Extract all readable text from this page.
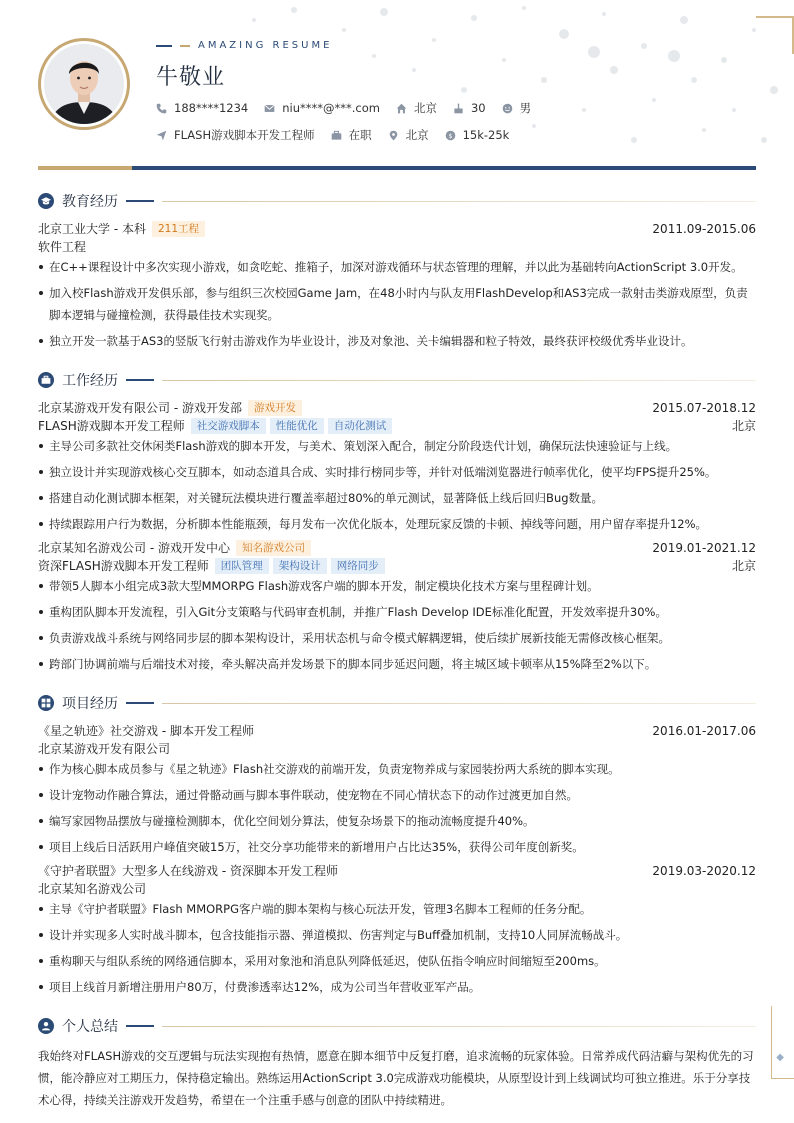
◆
AMAZING RESUME
牛敬业
188****1234	niu****@***.com	北京	30	男
FLASH游戏脚本开发工程师	在职	北京 $ 15k-25k
教育经历
北京工业大学 - 本科	211工程	2011.09-2015.06
软件工程
在C++课程设计中多次实现小游戏，如贪吃蛇、推箱子，加深对游戏循环与状态管理的理解，并以此为基础转向ActionScript 3.0开发。
加入校Flash游戏开发俱乐部，参与组织三次校园Game Jam，在48小时内与队友用FlashDevelop和AS3完成一款射击类游戏原型，负责脚本逻辑与碰撞检测，获得最佳技术实现奖。
独立开发一款基于AS3的竖版飞行射击游戏作为毕业设计，涉及对象池、关卡编辑器和粒子特效，最终获评校级优秀毕业设计。
工作经历
北京某游戏开发有限公司 - 游戏开发部	游戏开发	2015.07-2018.12
FLASH游戏脚本开发工程师	社交游戏脚本	性能优化	自动化测试	北京
主导公司多款社交休闲类Flash游戏的脚本开发，与美术、策划深入配合，制定分阶段迭代计划，确保玩法快速验证与上线。
独立设计并实现游戏核心交互脚本，如动态道具合成、实时排行榜同步等，并针对低端浏览器进行帧率优化，使平均FPS提升25%。
搭建自动化测试脚本框架，对关键玩法模块进行覆盖率超过80%的单元测试，显著降低上线后回归Bug数量。
持续跟踪用户行为数据，分析脚本性能瓶颈，每月发布一次优化版本，处理玩家反馈的卡顿、掉线等问题，用户留存率提升12%。
北京某知名游戏公司 - 游戏开发中心	知名游戏公司	2019.01-2021.12
资深FLASH游戏脚本开发工程师	团队管理	架构设计	网络同步	北京
带领5人脚本小组完成3款大型MMORPG Flash游戏客户端的脚本开发，制定模块化技术方案与里程碑计划。
重构团队脚本开发流程，引入Git分支策略与代码审查机制，并推广Flash Develop IDE标准化配置，开发效率提升30%。
负责游戏战斗系统与网络同步层的脚本架构设计，采用状态机与命令模式解耦逻辑，使后续扩展新技能无需修改核心框架。
跨部门协调前端与后端技术对接，牵头解决高并发场景下的脚本同步延迟问题，将主城区域卡顿率从15%降至2%以下。
项目经历
《星之轨迹》社交游戏 - 脚本开发工程师	2016.01-2017.06
北京某游戏开发有限公司
作为核心脚本成员参与《星之轨迹》Flash社交游戏的前端开发，负责宠物养成与家园装扮两大系统的脚本实现。
设计宠物动作融合算法，通过骨骼动画与脚本事件联动，使宠物在不同心情状态下的动作过渡更加自然。
编写家园物品摆放与碰撞检测脚本，优化空间划分算法，使复杂场景下的拖动流畅度提升40%。
项目上线后日活跃用户峰值突破15万，社交分享功能带来的新增用户占比达35%，获得公司年度创新奖。
《守护者联盟》大型多人在线游戏 - 资深脚本开发工程师	2019.03-2020.12
北京某知名游戏公司
主导《守护者联盟》Flash MMORPG客户端的脚本架构与核心玩法开发，管理3名脚本工程师的任务分配。
设计并实现多人实时战斗脚本，包含技能指示器、弹道模拟、伤害判定与Buff叠加机制，支持10人同屏流畅战斗。
重构聊天与组队系统的网络通信脚本，采用对象池和消息队列降低延迟，使队伍指令响应时间缩短至200ms。
项目上线首月新增注册用户80万，付费渗透率达12%，成为公司当年营收亚军产品。
个人总结

我始终对FLASH游戏的交互逻辑与玩法实现抱有热情，愿意在脚本细节中反复打磨，追求流畅的玩家体验。日常养成代码洁癖与架构优先的习惯，能冷静应对工期压力，保持稳定输出。熟练运用ActionScript 3.0完成游戏功能模块，从原型设计到上线调试均可独立推进。乐于分享技术心得，持续关注游戏开发趋势，希望在一个注重手感与创意的团队中持续精进。
